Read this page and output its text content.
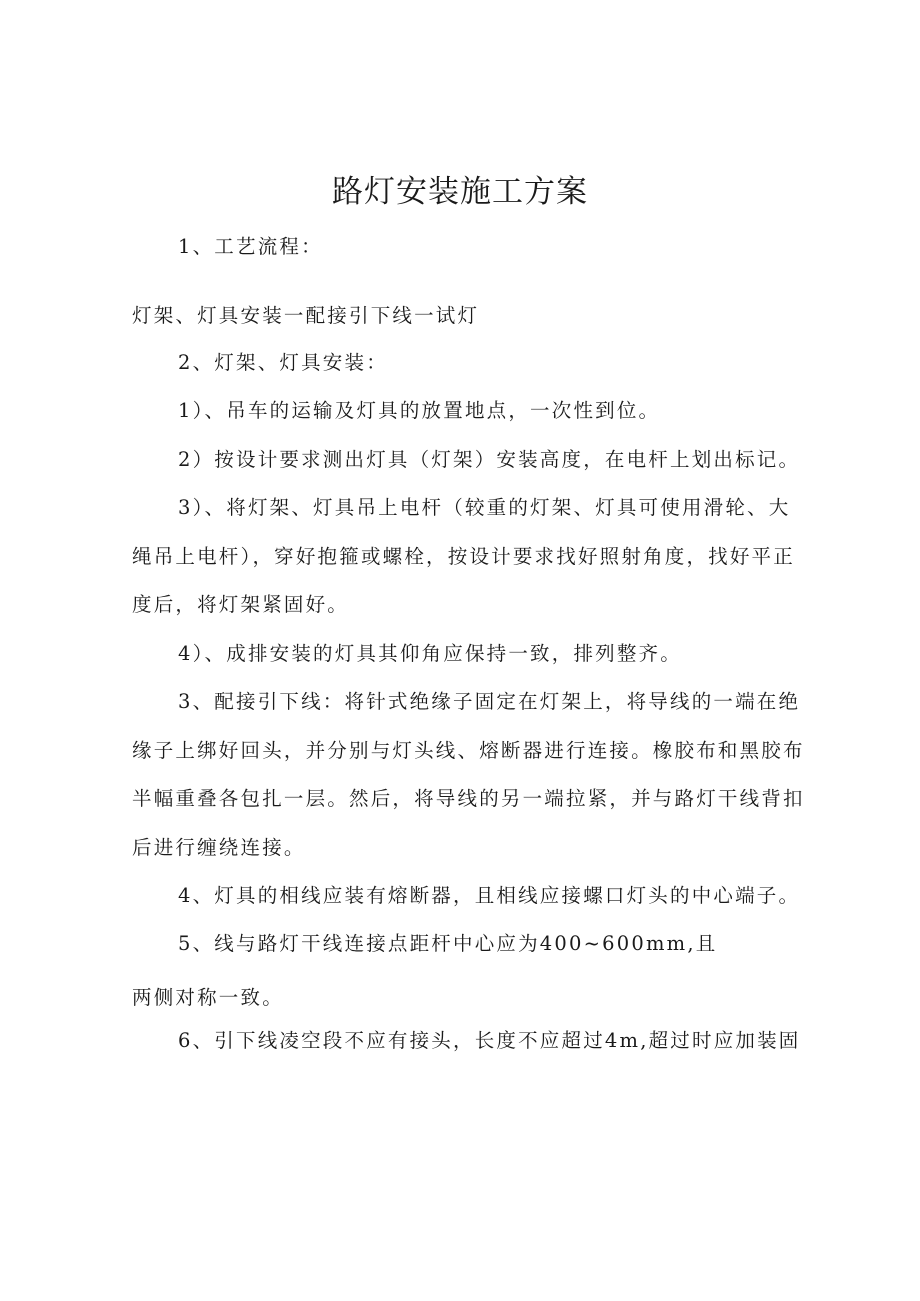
路灯安装施工方案

1、工艺流程：

灯架、灯具安装一配接引下线一试灯

2、灯架、灯具安装：

1）、吊车的运输及灯具的放置地点，一次性到位。

2）按设计要求测出灯具（灯架）安装高度，在电杆上划出标记。

3）、将灯架、灯具吊上电杆（较重的灯架、灯具可使用滑轮、大

绳吊上电杆），穿好抱箍或螺栓，按设计要求找好照射角度，找好平正

度后，将灯架紧固好。

4）、成排安装的灯具其仰角应保持一致，排列整齐。

3、配接引下线：将针式绝缘子固定在灯架上，将导线的一端在绝

缘子上绑好回头，并分别与灯头线、熔断器进行连接。橡胶布和黑胶布

半幅重叠各包扎一层。然后，将导线的另一端拉紧，并与路灯干线背扣

后进行缠绕连接。

4、灯具的相线应装有熔断器，且相线应接螺口灯头的中心端子。

5、线与路灯干线连接点距杆中心应为400~600mm,且

两侧对称一致。

6、引下线凌空段不应有接头，长度不应超过4m,超过时应加装固
